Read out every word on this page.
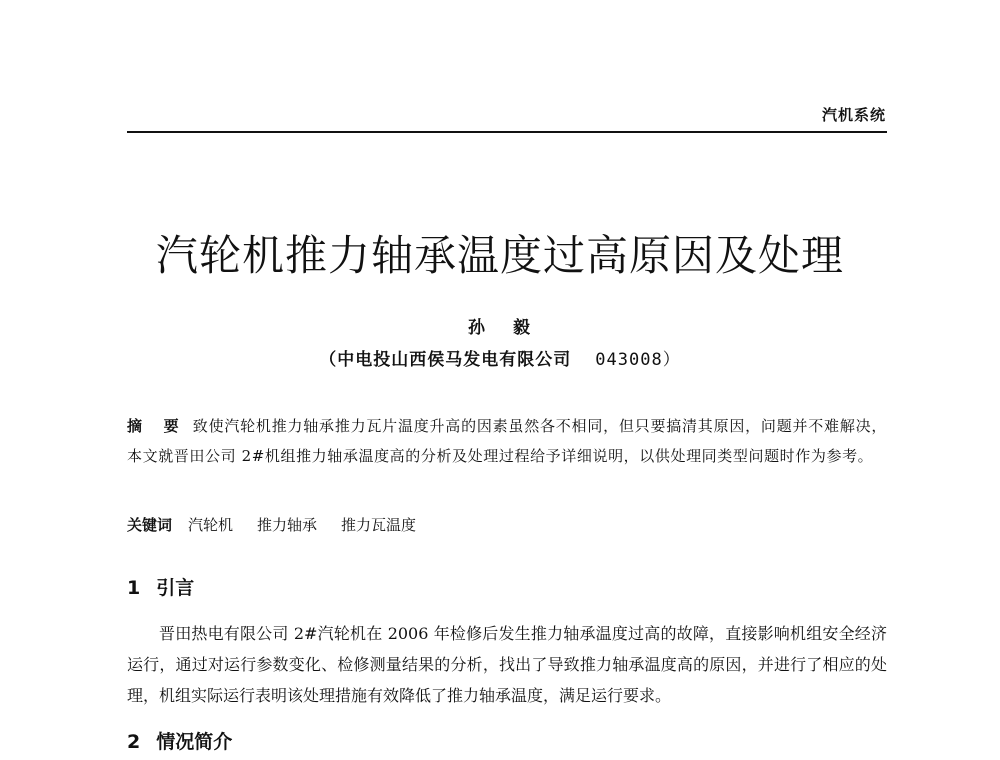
汽机系统
汽轮机推力轴承温度过高原因及处理
孙 毅
（中电投山西侯马发电有限公司 043008）
摘 要 致使汽轮机推力轴承推力瓦片温度升高的因素虽然各不相同，但只要搞清其原因，问题并不难解决，本文就晋田公司 2#机组推力轴承温度高的分析及处理过程给予详细说明，以供处理同类型问题时作为参考。
关键词 汽轮机 推力轴承 推力瓦温度
1 引言
晋田热电有限公司 2#汽轮机在 2006 年检修后发生推力轴承温度过高的故障，直接影响机组安全经济运行，通过对运行参数变化、检修测量结果的分析，找出了导致推力轴承温度高的原因，并进行了相应的处理，机组实际运行表明该处理措施有效降低了推力轴承温度，满足运行要求。
2 情况简介
